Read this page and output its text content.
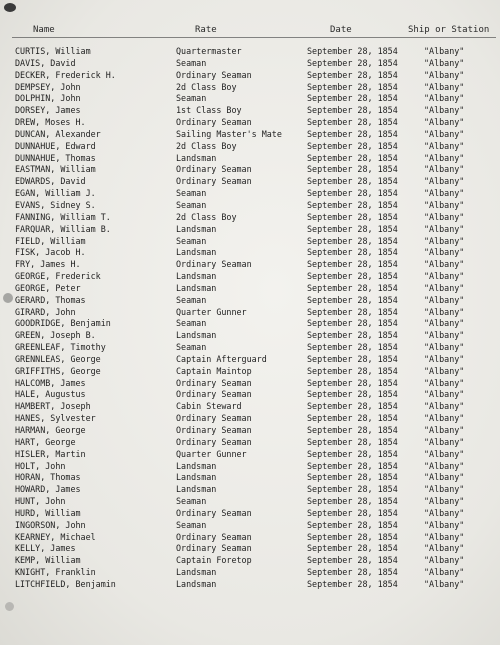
Name	Rate	Date	Ship or Station
CURTIS, William	Quartermaster	September 28, 1854	"Albany"
DAVIS, David	Seaman	September 28, 1854	"Albany"
DECKER, Frederick H.	Ordinary Seaman	September 28, 1854	"Albany"
DEMPSEY, John	2d Class Boy	September 28, 1854	"Albany"
DOLPHIN, John	Seaman	September 28, 1854	"Albany"
DORSEY, James	1st Class Boy	September 28, 1854	"Albany"
DREW, Moses H.	Ordinary Seaman	September 28, 1854	"Albany"
DUNCAN, Alexander	Sailing Master's Mate	September 28, 1854	"Albany"
DUNNAHUE, Edward	2d Class Boy	September 28, 1854	"Albany"
DUNNAHUE, Thomas	Landsman	September 28, 1854	"Albany"
EASTMAN, William	Ordinary Seaman	September 28, 1854	"Albany"
EDWARDS, David	Ordinary Seaman	September 28, 1854	"Albany"
EGAN, William J.	Seaman	September 28, 1854	"Albany"
EVANS, Sidney S.	Seaman	September 28, 1854	"Albany"
FANNING, William T.	2d Class Boy	September 28, 1854	"Albany"
FARQUAR, William B.	Landsman	September 28, 1854	"Albany"
FIELD, William	Seaman	September 28, 1854	"Albany"
FISK, Jacob H.	Landsman	September 28, 1854	"Albany"
FRY, James H.	Ordinary Seaman	September 28, 1854	"Albany"
GEORGE, Frederick	Landsman	September 28, 1854	"Albany"
GEORGE, Peter	Landsman	September 28, 1854	"Albany"
GERARD, Thomas	Seaman	September 28, 1854	"Albany"
GIRARD, John	Quarter Gunner	September 28, 1854	"Albany"
GOODRIDGE, Benjamin	Seaman	September 28, 1854	"Albany"
GREEN, Joseph B.	Landsman	September 28, 1854	"Albany"
GREENLEAF, Timothy	Seaman	September 28, 1854	"Albany"
GRENNLEAS, George	Captain Afterguard	September 28, 1854	"Albany"
GRIFFITHS, George	Captain Maintop	September 28, 1854	"Albany"
HALCOMB, James	Ordinary Seaman	September 28, 1854	"Albany"
HALE, Augustus	Ordinary Seaman	September 28, 1854	"Albany"
HAMBERT, Joseph	Cabin Steward	September 28, 1854	"Albany"
HANES, Sylvester	Ordinary Seaman	September 28, 1854	"Albany"
HARMAN, George	Ordinary Seaman	September 28, 1854	"Albany"
HART, George	Ordinary Seaman	September 28, 1854	"Albany"
HISLER, Martin	Quarter Gunner	September 28, 1854	"Albany"
HOLT, John	Landsman	September 28, 1854	"Albany"
HORAN, Thomas	Landsman	September 28, 1854	"Albany"
HOWARD, James	Landsman	September 28, 1854	"Albany"
HUNT, John	Seaman	September 28, 1854	"Albany"
HURD, William	Ordinary Seaman	September 28, 1854	"Albany"
INGORSON, John	Seaman	September 28, 1854	"Albany"
KEARNEY, Michael	Ordinary Seaman	September 28, 1854	"Albany"
KELLY, James	Ordinary Seaman	September 28, 1854	"Albany"
KEMP, William	Captain Foretop	September 28, 1854	"Albany"
KNIGHT, Franklin	Landsman	September 28, 1854	"Albany"
LITCHFIELD, Benjamin	Landsman	September 28, 1854	"Albany"
